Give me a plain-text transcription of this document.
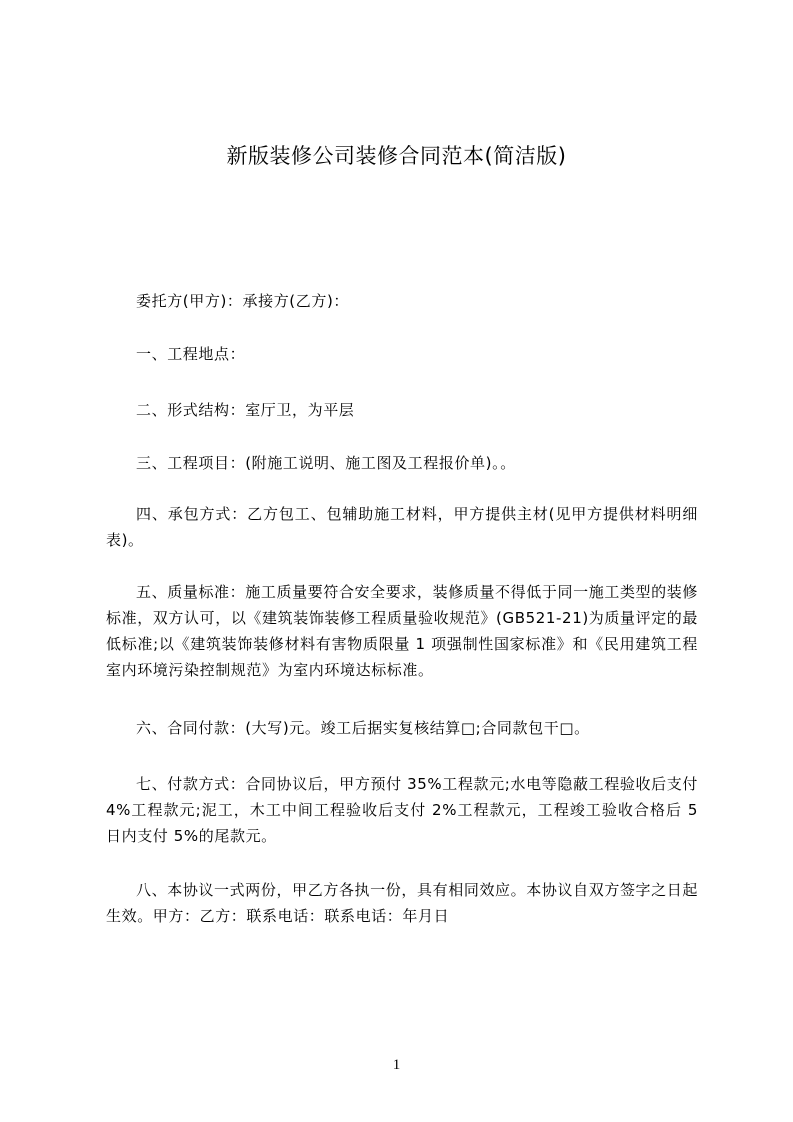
新版装修公司装修合同范本(简洁版)
委托方(甲方)：承接方(乙方)：
一、工程地点：
二、形式结构：室厅卫，为平层
三、工程项目：(附施工说明、施工图及工程报价单)。。
四、承包方式：乙方包工、包辅助施工材料，甲方提供主材(见甲方提供材料明细表)。
五、质量标准：施工质量要符合安全要求，装修质量不得低于同一施工类型的装修标准，双方认可，以《建筑装饰装修工程质量验收规范》(GB521-21)为质量评定的最低标准;以《建筑装饰装修材料有害物质限量 1 项强制性国家标准》和《民用建筑工程室内环境污染控制规范》为室内环境达标标准。
六、合同付款：(大写)元。竣工后据实复核结算□;合同款包干□。
七、付款方式：合同协议后，甲方预付 35%工程款元;水电等隐蔽工程验收后支付 4%工程款元;泥工，木工中间工程验收后支付 2%工程款元，工程竣工验收合格后 5 日内支付 5%的尾款元。
八、本协议一式两份，甲乙方各执一份，具有相同效应。本协议自双方签字之日起生效。甲方：乙方：联系电话：联系电话：年月日
1
